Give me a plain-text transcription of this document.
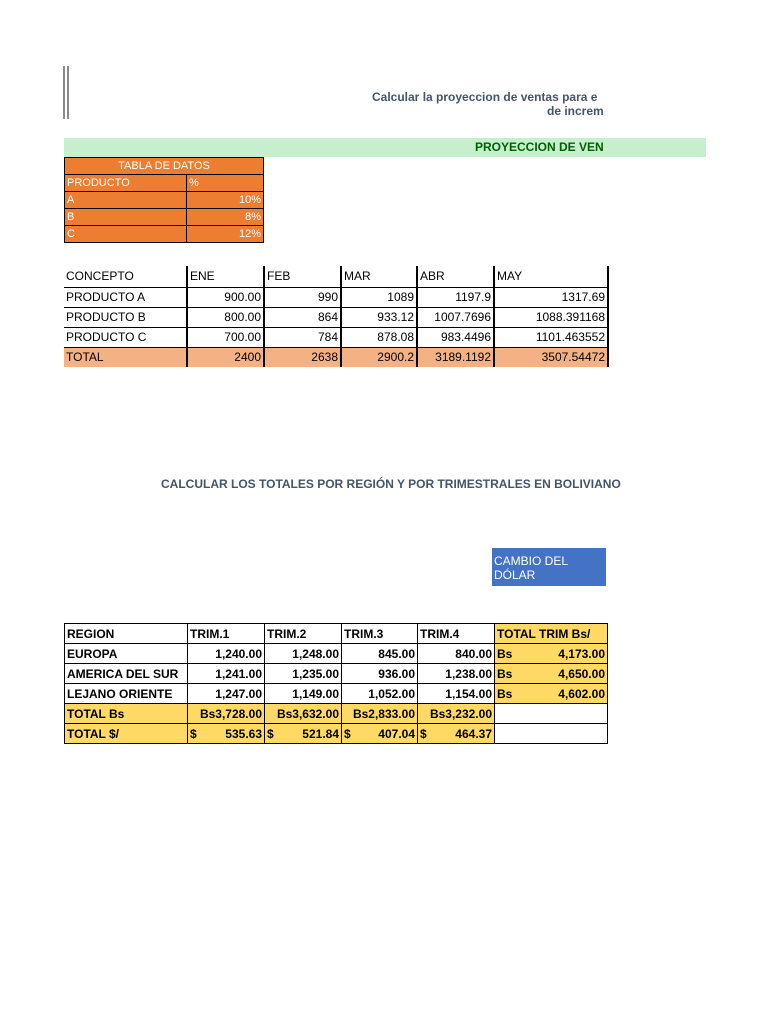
Calcular la proyeccion de ventas para e
de increm
PROYECCION DE VEN
TABLA DE DATOS	
PRODUCTO	%
A	10%
B	8%
C	12%
CONCEPTO	ENE	FEB	MAR	ABR	MAY
PRODUCTO A	900.00	990	1089	1197.9	1317.69
PRODUCTO B	800.00	864	933.12	1007.7696	1088.391168
PRODUCTO C	700.00	784	878.08	983.4496	1101.463552
TOTAL	2400	2638	2900.2	3189.1192	3507.54472
CALCULAR LOS TOTALES POR REGIÓN Y POR TRIMESTRALES EN BOLIVIANO
CAMBIO DEL
DÓLAR
REGION	TRIM.1	TRIM.2	TRIM.3	TRIM.4	TOTAL TRIM Bs/
EUROPA	1,240.00	1,248.00	845.00	840.00	Bs 4,173.00

AMERICA DEL SUR	1,241.00	1,235.00	936.00	1,238.00	Bs 4,650.00

LEJANO ORIENTE	1,247.00	1,149.00	1,052.00	1,154.00	Bs 4,602.00

TOTAL Bs	Bs3,728.00	Bs3,632.00	Bs2,833.00	Bs3,232.00	
TOTAL $/	$ 535.63	$ 521.84	$ 407.04	$ 464.37	
